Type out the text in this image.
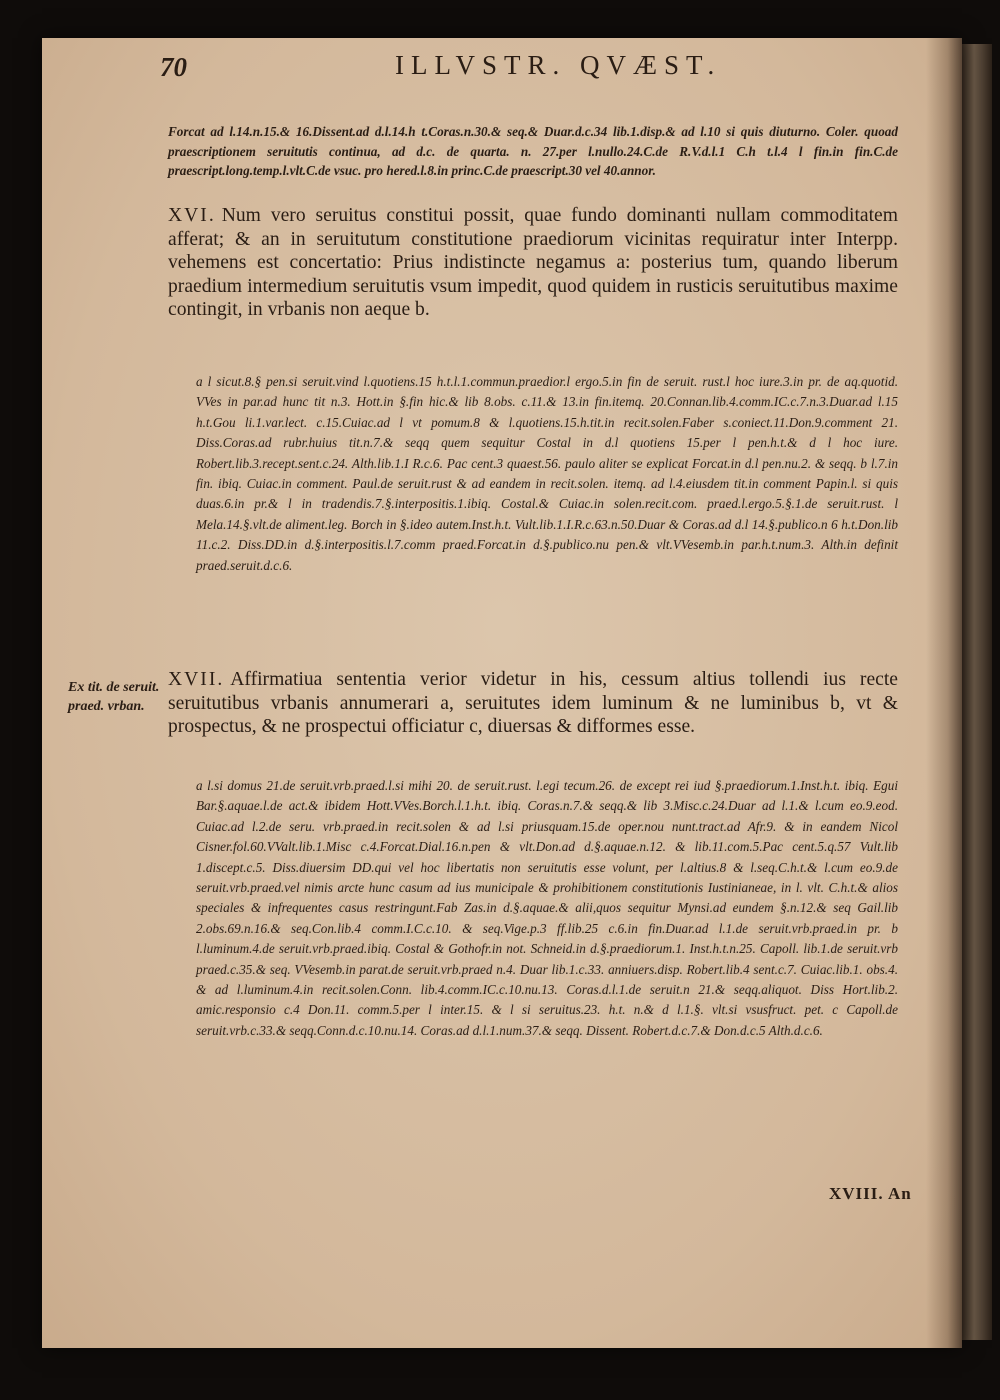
70	ILLVSTR. QVÆST.

Forcat ad l.14.n.15.& 16.Dissent.ad d.l.14.h t.Coras.n.30.& seq.& Duar.d.c.34 lib.1.disp.& ad l.10 si quis diuturno. Coler. quoad praescriptionem seruitutis continua, ad d.c. de quarta. n. 27.per l.nullo.24.C.de R.V.d.l.1 C.h t.l.4 l fin.in fin.C.de praescript.long.temp.l.vlt.C.de vsuc. pro hered.l.8.in princ.C.de praescript.30 vel 40.annor.

XVI. Num vero seruitus constitui possit, quae fundo dominanti nullam commoditatem afferat; & an in seruitutum constitutione praediorum vicinitas requiratur inter Interpp. vehemens est concertatio: Prius indistincte negamus a: posterius tum, quando liberum praedium intermedium seruitutis vsum impedit, quod quidem in rusticis seruitutibus maxime contingit, in vrbanis non aeque b.

a l sicut.8.§ pen.si seruit.vind l.quotiens.15 h.t.l.1.commun.praedior.l ergo.5.in fin de seruit. rust.l hoc iure.3.in pr. de aq.quotid. VVes in par.ad hunc tit n.3. Hott.in §.fin hic.& lib 8.obs. c.11.& 13.in fin.itemq. 20.Connan.lib.4.comm.IC.c.7.n.3.Duar.ad l.15 h.t.Gou li.1.var.lect. c.15.Cuiac.ad l vt pomum.8 & l.quotiens.15.h.tit.in recit.solen.Faber s.coniect.11.Don.9.comment 21. Diss.Coras.ad rubr.huius tit.n.7.& seqq quem sequitur Costal in d.l quotiens 15.per l pen.h.t.& d l hoc iure. Robert.lib.3.recept.sent.c.24. Alth.lib.1.I R.c.6. Pac cent.3 quaest.56. paulo aliter se explicat Forcat.in d.l pen.nu.2. & seqq. b l.7.in fin. ibiq. Cuiac.in comment. Paul.de seruit.rust & ad eandem in recit.solen. itemq. ad l.4.eiusdem tit.in comment Papin.l. si quis duas.6.in pr.& l in tradendis.7.§.interpositis.1.ibiq. Costal.& Cuiac.in solen.recit.com. praed.l.ergo.5.§.1.de seruit.rust. l Mela.14.§.vlt.de aliment.leg. Borch in §.ideo autem.Inst.h.t. Vult.lib.1.I.R.c.63.n.50.Duar & Coras.ad d.l 14.§.publico.n 6 h.t.Don.lib 11.c.2. Diss.DD.in d.§.interpositis.l.7.comm praed.Forcat.in d.§.publico.nu pen.& vlt.VVesemb.in par.h.t.num.3. Alth.in definit praed.seruit.d.c.6.

Ex tit. de seruit. praed. vrban.

XVII. Affirmatiua sententia verior videtur in his, cessum altius tollendi ius recte seruitutibus vrbanis annumerari a, seruitutes idem luminum & ne luminibus b, vt & prospectus, & ne prospectui officiatur c, diuersas & difformes esse.

a l.si domus 21.de seruit.vrb.praed.l.si mihi 20. de seruit.rust. l.egi tecum.26. de except rei iud §.praediorum.1.Inst.h.t. ibiq. Egui Bar.§.aquae.l.de act.& ibidem Hott.VVes.Borch.l.1.h.t. ibiq. Coras.n.7.& seqq.& lib 3.Misc.c.24.Duar ad l.1.& l.cum eo.9.eod. Cuiac.ad l.2.de seru. vrb.praed.in recit.solen & ad l.si priusquam.15.de oper.nou nunt.tract.ad Afr.9. & in eandem Nicol Cisner.fol.60.VValt.lib.1.Misc c.4.Forcat.Dial.16.n.pen & vlt.Don.ad d.§.aquae.n.12. & lib.11.com.5.Pac cent.5.q.57 Vult.lib 1.discept.c.5. Diss.diuersim DD.qui vel hoc libertatis non seruitutis esse volunt, per l.altius.8 & l.seq.C.h.t.& l.cum eo.9.de seruit.vrb.praed.vel nimis arcte hunc casum ad ius municipale & prohibitionem constitutionis Iustinianeae, in l. vlt. C.h.t.& alios speciales & infrequentes casus restringunt.Fab Zas.in d.§.aquae.& alii,quos sequitur Mynsi.ad eundem §.n.12.& seq Gail.lib 2.obs.69.n.16.& seq.Con.lib.4 comm.I.C.c.10. & seq.Vige.p.3 ff.lib.25 c.6.in fin.Duar.ad l.1.de seruit.vrb.praed.in pr. b l.luminum.4.de seruit.vrb.praed.ibiq. Costal & Gothofr.in not. Schneid.in d.§.praediorum.1. Inst.h.t.n.25. Capoll. lib.1.de seruit.vrb praed.c.35.& seq. VVesemb.in parat.de seruit.vrb.praed n.4. Duar lib.1.c.33. anniuers.disp. Robert.lib.4 sent.c.7. Cuiac.lib.1. obs.4. & ad l.luminum.4.in recit.solen.Conn. lib.4.comm.IC.c.10.nu.13. Coras.d.l.1.de seruit.n 21.& seqq.aliquot. Diss Hort.lib.2. amic.responsio c.4 Don.11. comm.5.per l inter.15. & l si seruitus.23. h.t. n.& d l.1.§. vlt.si vsusfruct. pet. c Capoll.de seruit.vrb.c.33.& seqq.Conn.d.c.10.nu.14. Coras.ad d.l.1.num.37.& seqq. Dissent. Robert.d.c.7.& Don.d.c.5 Alth.d.c.6.

XVIII. An
